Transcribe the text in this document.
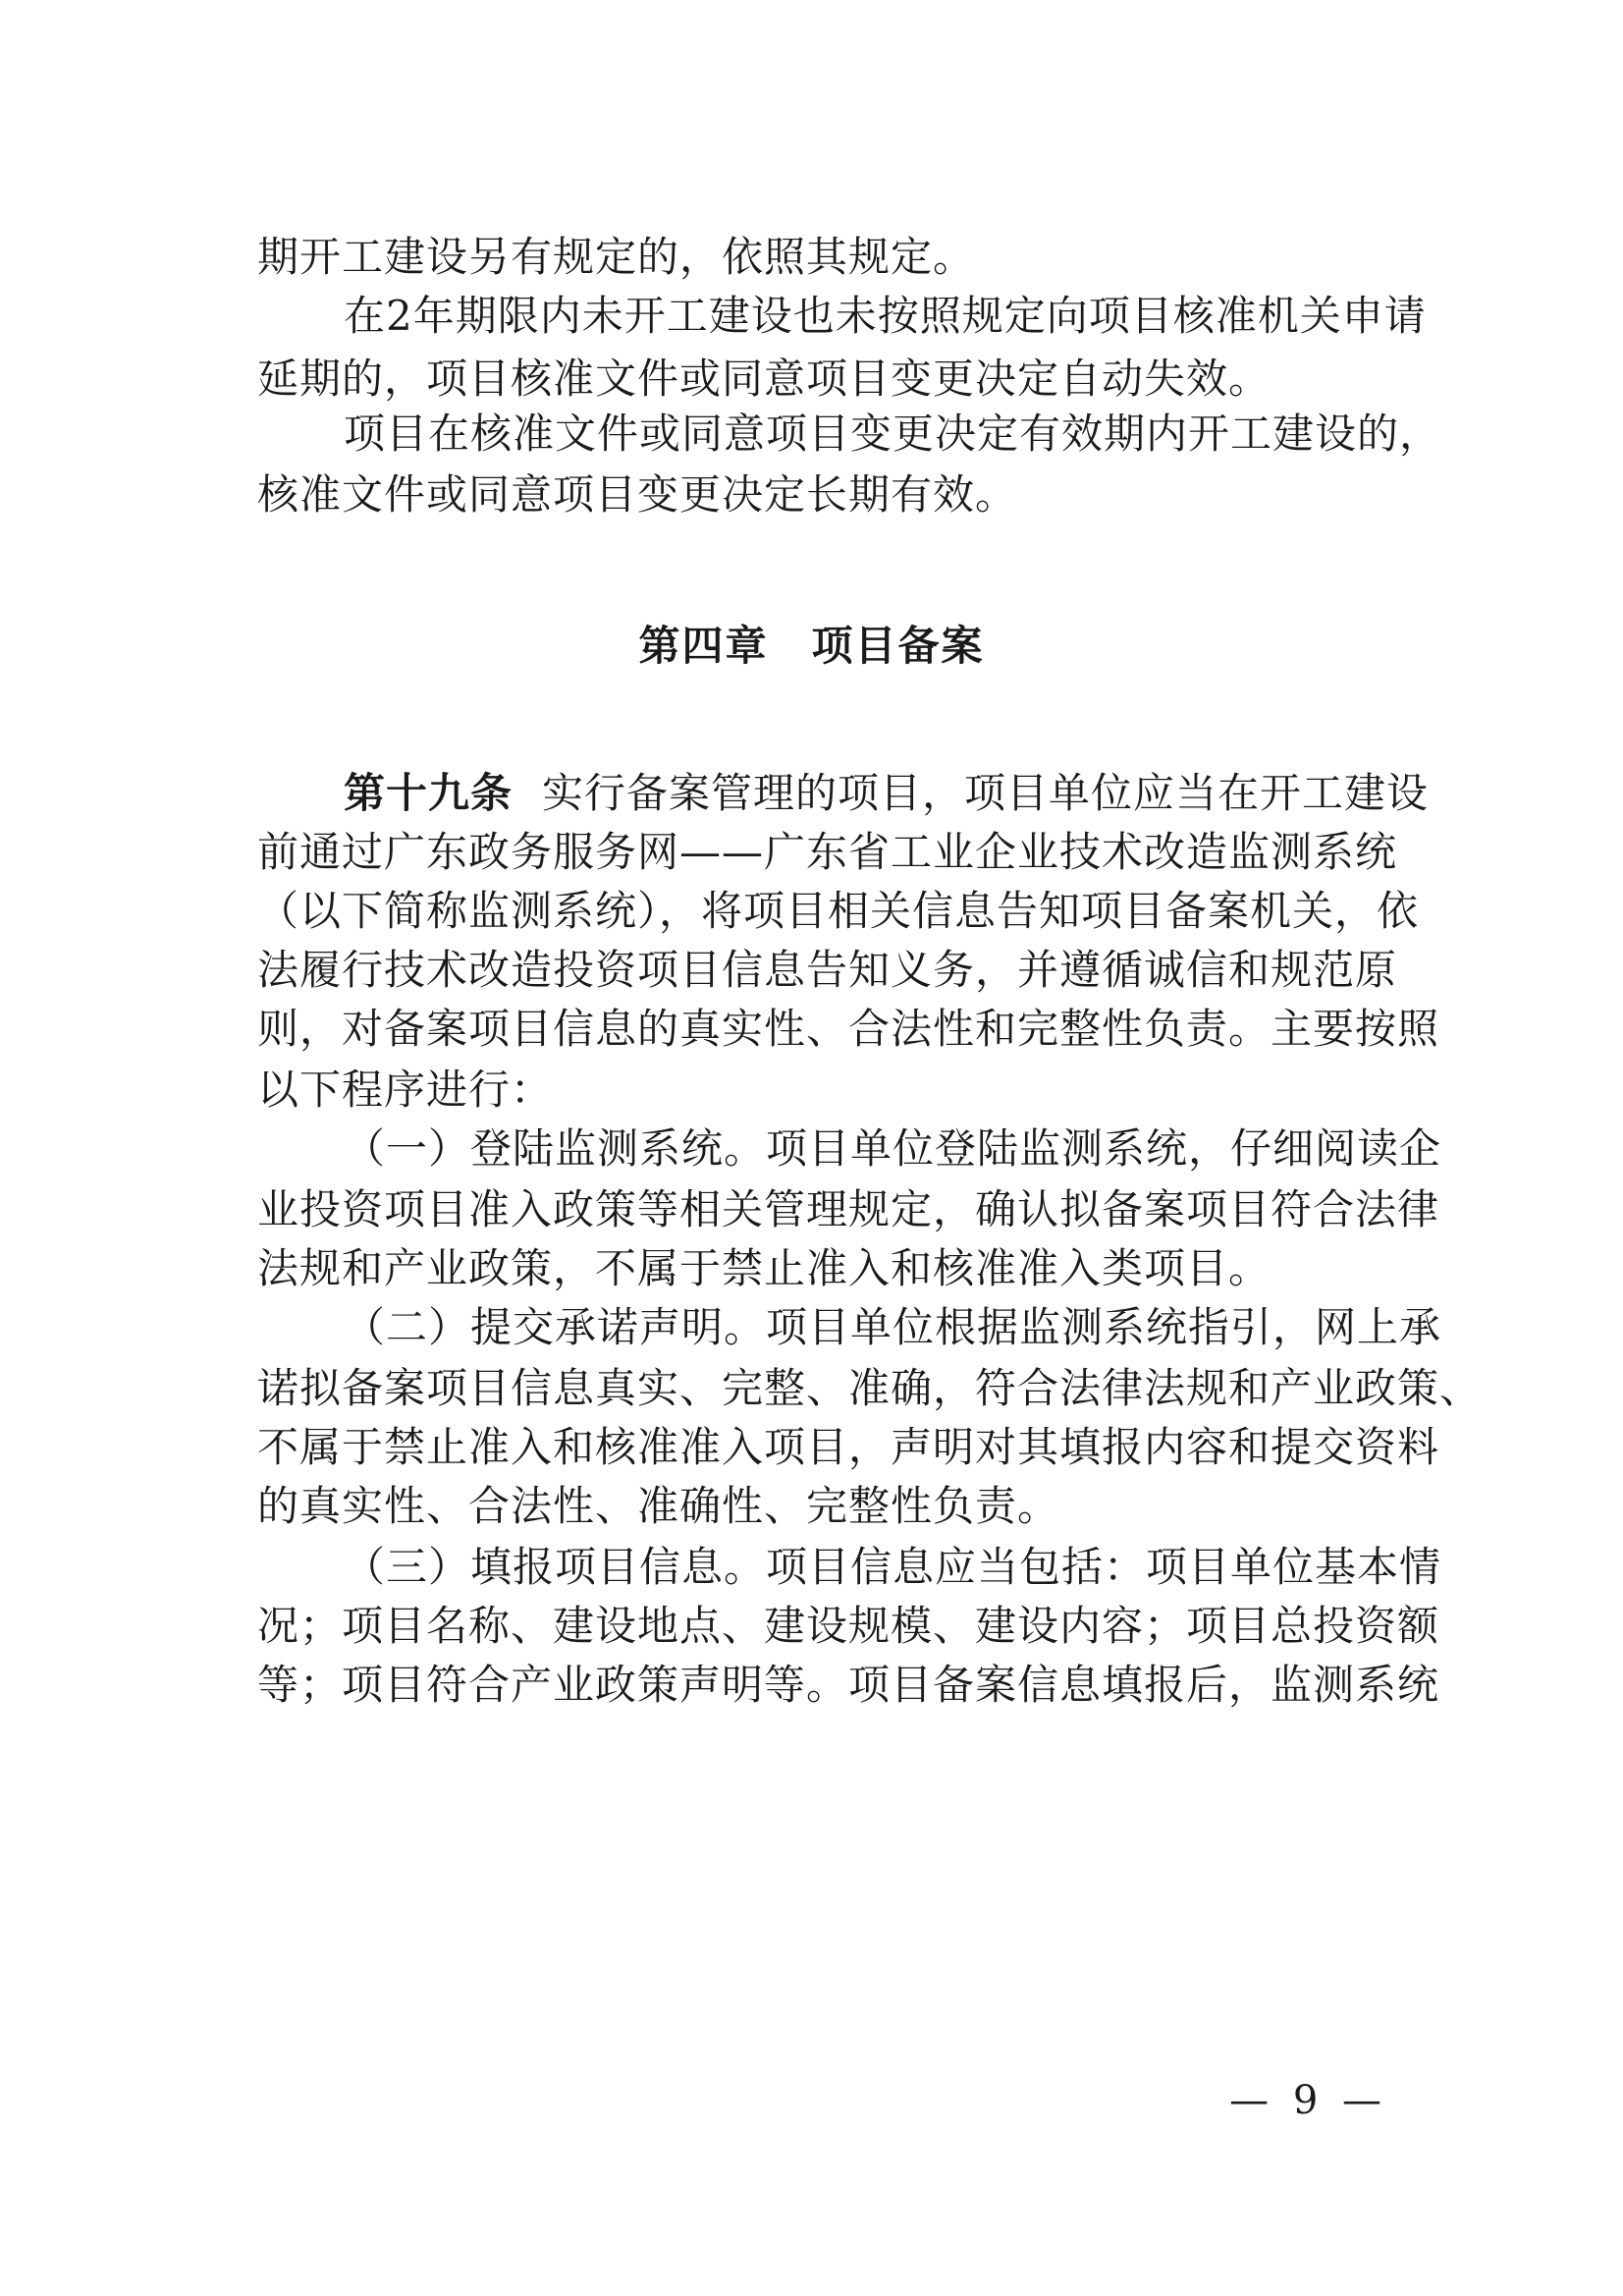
期开工建设另有规定的，依照其规定。
在2年期限内未开工建设也未按照规定向项目核准机关申请
延期的，项目核准文件或同意项目变更决定自动失效。
项目在核准文件或同意项目变更决定有效期内开工建设的，
核准文件或同意项目变更决定长期有效。
第四章　项目备案
第十九条 实行备案管理的项目，项目单位应当在开工建设
前通过广东政务服务网——广东省工业企业技术改造监测系统
（以下简称监测系统），将项目相关信息告知项目备案机关，依
法履行技术改造投资项目信息告知义务，并遵循诚信和规范原
则，对备案项目信息的真实性、合法性和完整性负责。主要按照
以下程序进行：
（一）登陆监测系统。项目单位登陆监测系统，仔细阅读企
业投资项目准入政策等相关管理规定，确认拟备案项目符合法律
法规和产业政策，不属于禁止准入和核准准入类项目。
（二）提交承诺声明。项目单位根据监测系统指引，网上承
诺拟备案项目信息真实、完整、准确，符合法律法规和产业政策、
不属于禁止准入和核准准入项目，声明对其填报内容和提交资料
的真实性、合法性、准确性、完整性负责。
（三）填报项目信息。项目信息应当包括：项目单位基本情
况；项目名称、建设地点、建设规模、建设内容；项目总投资额
等；项目符合产业政策声明等。项目备案信息填报后，监测系统
— 9 —
